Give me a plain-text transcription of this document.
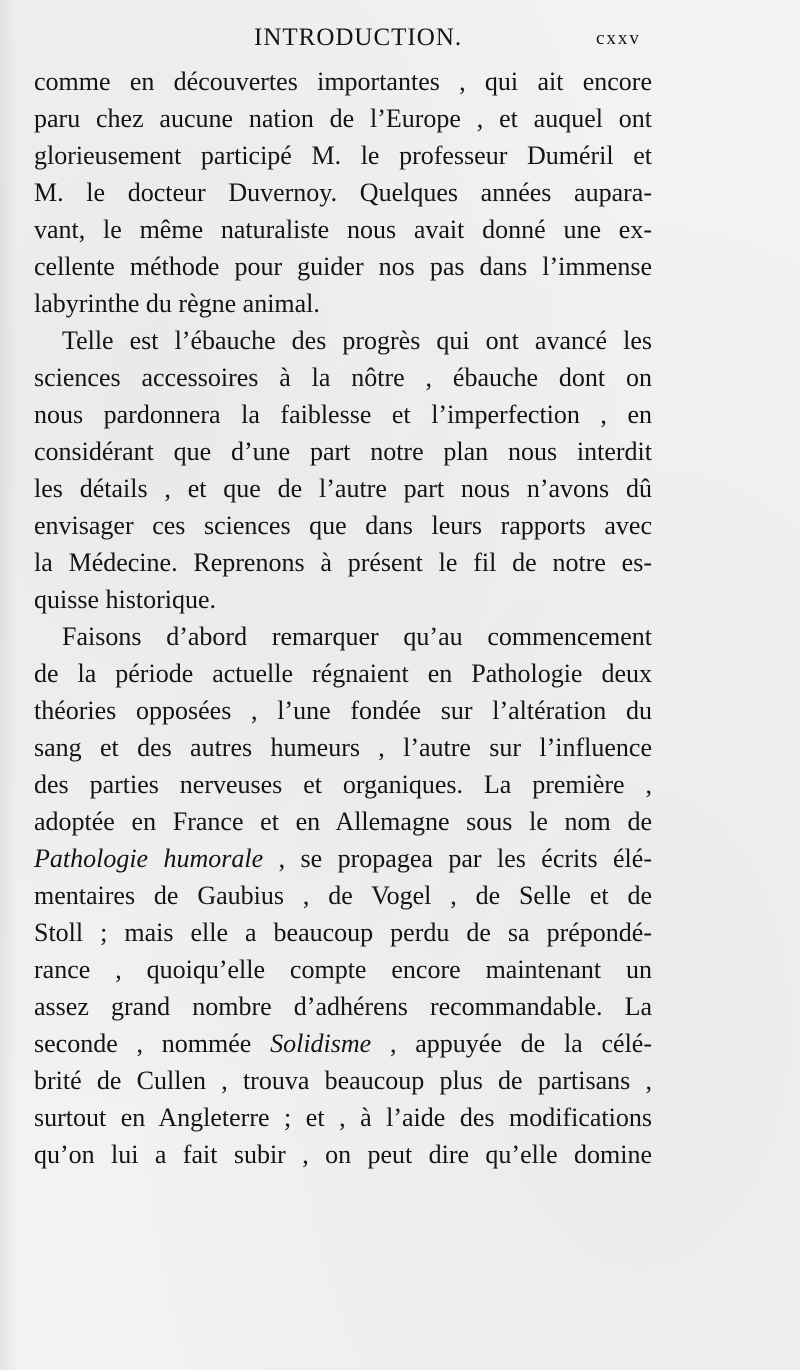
INTRODUCTION.	cxxv
comme en découvertes importantes , qui ait encore
paru chez aucune nation de l’Europe , et auquel ont
glorieusement participé M. le professeur Duméril et
M. le docteur Duvernoy. Quelques années aupara-
vant, le même naturaliste nous avait donné une ex-
cellente méthode pour guider nos pas dans l’immense
labyrinthe du règne animal.
Telle est l’ébauche des progrès qui ont avancé les
sciences accessoires à la nôtre , ébauche dont on
nous pardonnera la faiblesse et l’imperfection , en
considérant que d’une part notre plan nous interdit
les détails , et que de l’autre part nous n’avons dû
envisager ces sciences que dans leurs rapports avec
la Médecine. Reprenons à présent le fil de notre es-
quisse historique.
Faisons d’abord remarquer qu’au commencement
de la période actuelle régnaient en Pathologie deux
théories opposées , l’une fondée sur l’altération du
sang et des autres humeurs , l’autre sur l’influence
des parties nerveuses et organiques. La première ,
adoptée en France et en Allemagne sous le nom de
Pathologie humorale , se propagea par les écrits élé-
mentaires de Gaubius , de Vogel , de Selle et de
Stoll ; mais elle a beaucoup perdu de sa prépondé-
rance , quoiqu’elle compte encore maintenant un
assez grand nombre d’adhérens recommandable. La
seconde , nommée Solidisme , appuyée de la célé-
brité de Cullen , trouva beaucoup plus de partisans ,
surtout en Angleterre ; et , à l’aide des modifications
qu’on lui a fait subir , on peut dire qu’elle domine
